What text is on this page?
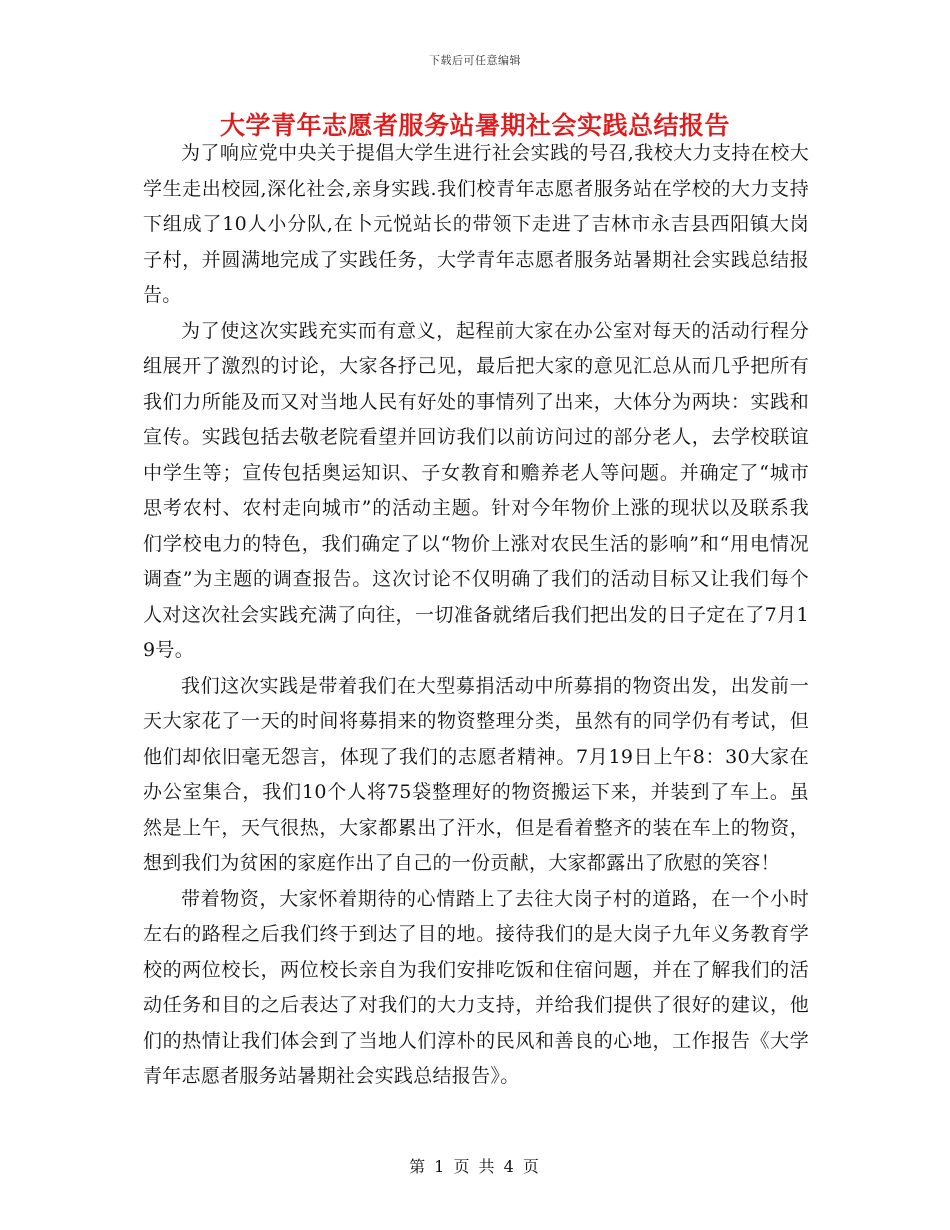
下载后可任意编辑
大学青年志愿者服务站暑期社会实践总结报告

为了响应党中央关于提倡大学生进行社会实践的号召,我校大力支持在校大学生走出校园,深化社会,亲身实践.我们校青年志愿者服务站在学校的大力支持下组成了10人小分队,在卜元悦站长的带领下走进了吉林市永吉县西阳镇大岗子村，并圆满地完成了实践任务，大学青年志愿者服务站暑期社会实践总结报告。

为了使这次实践充实而有意义，起程前大家在办公室对每天的活动行程分组展开了激烈的讨论，大家各抒己见，最后把大家的意见汇总从而几乎把所有我们力所能及而又对当地人民有好处的事情列了出来，大体分为两块：实践和宣传。实践包括去敬老院看望并回访我们以前访问过的部分老人，去学校联谊中学生等；宣传包括奥运知识、子女教育和赡养老人等问题。并确定了“城市思考农村、农村走向城市”的活动主题。针对今年物价上涨的现状以及联系我们学校电力的特色，我们确定了以“物价上涨对农民生活的影响”和“用电情况调查”为主题的调查报告。这次讨论不仅明确了我们的活动目标又让我们每个人对这次社会实践充满了向往，一切准备就绪后我们把出发的日子定在了7月19号。

我们这次实践是带着我们在大型募捐活动中所募捐的物资出发，出发前一天大家花了一天的时间将募捐来的物资整理分类，虽然有的同学仍有考试，但他们却依旧毫无怨言，体现了我们的志愿者精神。7月19日上午8：30大家在办公室集合，我们10个人将75袋整理好的物资搬运下来，并装到了车上。虽然是上午，天气很热，大家都累出了汗水，但是看着整齐的装在车上的物资，想到我们为贫困的家庭作出了自己的一份贡献，大家都露出了欣慰的笑容！

带着物资，大家怀着期待的心情踏上了去往大岗子村的道路，在一个小时左右的路程之后我们终于到达了目的地。接待我们的是大岗子九年义务教育学校的两位校长，两位校长亲自为我们安排吃饭和住宿问题，并在了解我们的活动任务和目的之后表达了对我们的大力支持，并给我们提供了很好的建议，他们的热情让我们体会到了当地人们淳朴的民风和善良的心地，工作报告《大学青年志愿者服务站暑期社会实践总结报告》。

第 1 页 共 4 页
